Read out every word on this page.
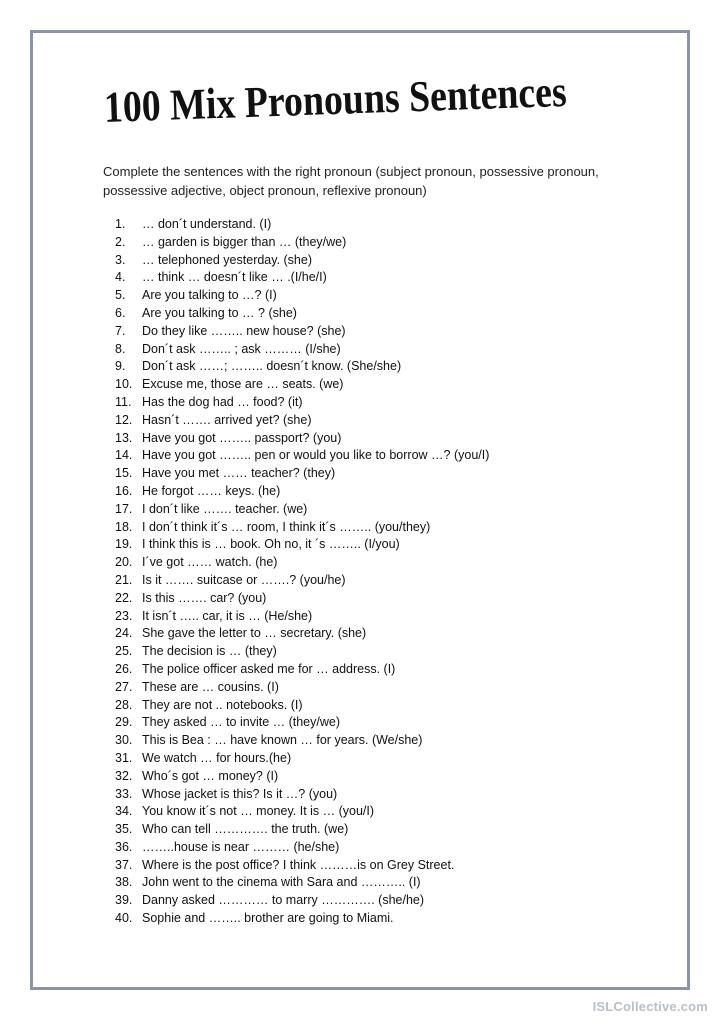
100 Mix Pronouns Sentences

Complete the sentences with the right pronoun (subject pronoun, possessive pronoun, possessive adjective, object pronoun, reflexive pronoun)

1.	… don´t understand. (I)
2.	… garden is bigger than … (they/we)
3.	… telephoned yesterday. (she)
4.	… think … doesn´t like … .(I/he/I)
5.	Are you talking to …? (I)
6.	Are you talking to … ? (she)
7.	Do they like …….. new house? (she)
8.	Don´t ask …….. ; ask ……… (I/she)
9.	Don´t ask ……; …….. doesn´t know. (She/she)
10. Excuse me, those are … seats. (we)
11. Has the dog had … food? (it)
12. Hasn´t ……. arrived yet? (she)
13. Have you got …….. passport? (you)
14. Have you got …….. pen or would you like to borrow …? (you/I)
15. Have you met …… teacher? (they)
16. He forgot …… keys. (he)
17. I don´t like ……. teacher. (we)
18. I don´t think it´s … room, I think it´s …….. (you/they)
19. I think this is … book. Oh no, it ´s …….. (I/you)
20. I´ve got …… watch. (he)
21. Is it ……. suitcase or …….? (you/he)
22. Is this ……. car? (you)
23. It isn´t ….. car, it is … (He/she)
24. She gave the letter to … secretary. (she)
25. The decision is … (they)
26. The police officer asked me for … address. (I)
27. These are … cousins. (I)
28. They are not .. notebooks. (I)
29. They asked … to invite … (they/we)
30. This is Bea : … have known … for years. (We/she)
31. We watch … for hours.(he)
32. Who´s got … money? (I)
33. Whose jacket is this? Is it …? (you)
34. You know it´s not … money. It is … (you/I)
35. Who can tell …………. the truth. (we)
36. ……..house is near ……… (he/she)
37. Where is the post office? I think ………is on Grey Street.
38. John went to the cinema with Sara and ……….. (I)
39. Danny asked ………… to marry …………. (she/he)
40. Sophie and …….. brother are going to Miami.
ISLCollective.com
